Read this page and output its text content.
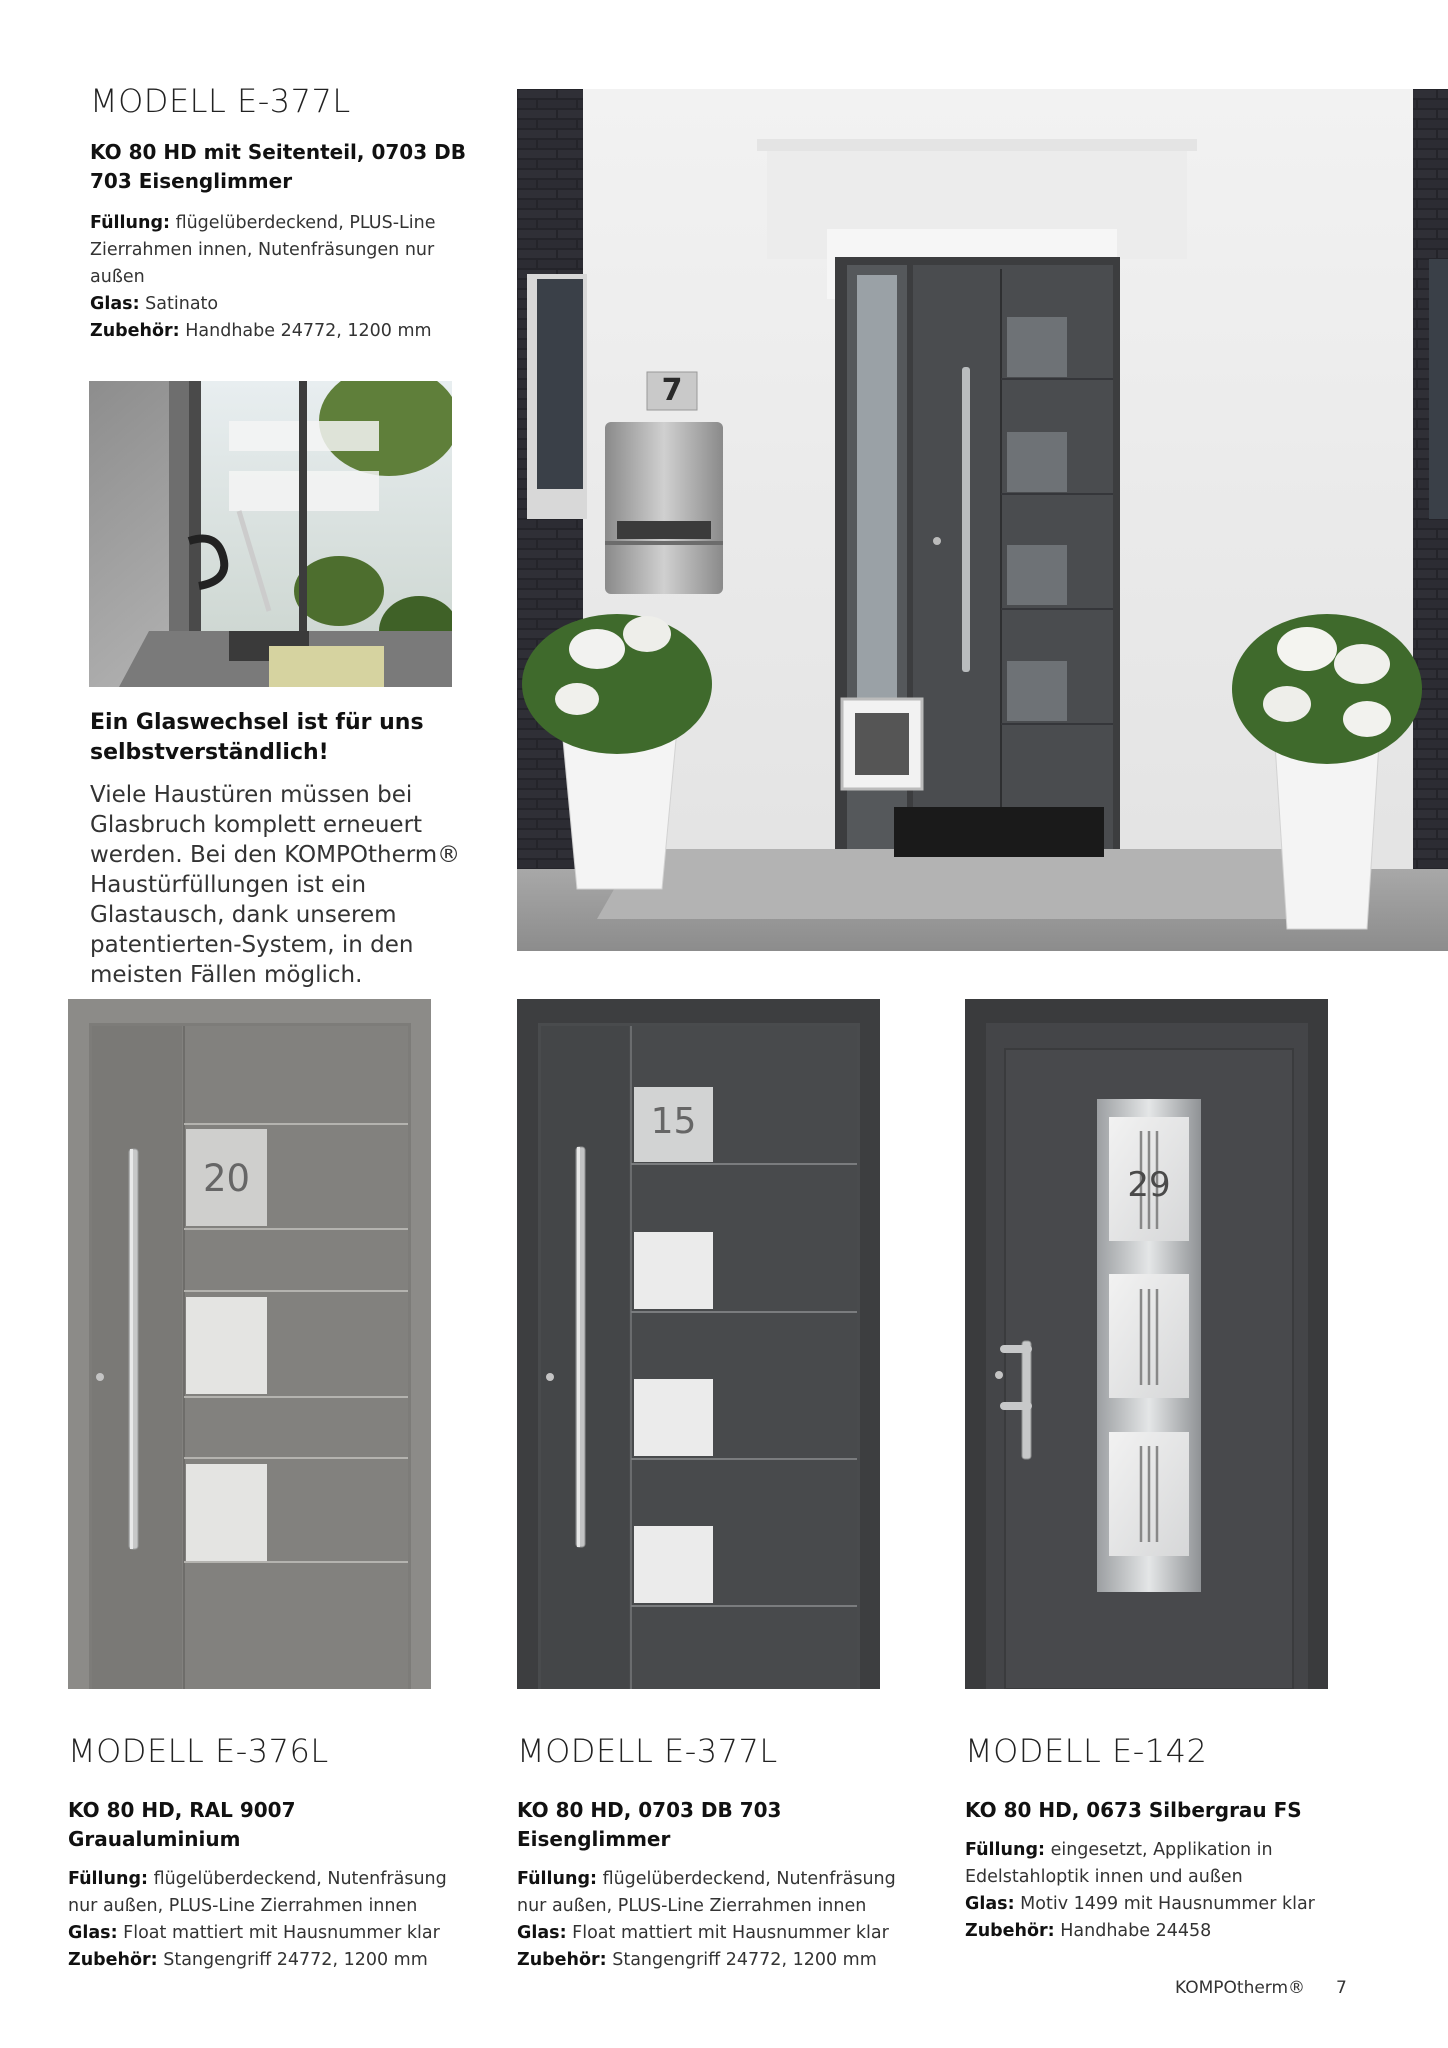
MODELL E-377L
KO 80 HD mit Seitenteil, 0703 DB 703 Eisenglimmer
Füllung: flügelüberdeckend, PLUS-Line Zierrahmen innen, Nutenfräsungen nur außen
Glas: Satinato
Zubehör: Handhabe 24772, 1200 mm
Ein Glaswechsel ist für uns selbstverständlich!
Viele Haustüren müssen bei Glasbruch komplett erneuert werden. Bei den KOMPOtherm® Haustürfüllungen ist ein Glastausch, dank unserem patentierten-System, in den meisten Fällen möglich.
7
20
15
29
MODELL E-376L
KO 80 HD, RAL 9007 Graualuminium
Füllung: flügelüberdeckend, Nutenfräsung nur außen, PLUS-Line Zierrahmen innen
Glas: Float mattiert mit Hausnummer klar
Zubehör: Stangengriff 24772, 1200 mm
MODELL E-377L
KO 80 HD, 0703 DB 703 Eisenglimmer
Füllung: flügelüberdeckend, Nutenfräsung nur außen, PLUS-Line Zierrahmen innen
Glas: Float mattiert mit Hausnummer klar
Zubehör: Stangengriff 24772, 1200 mm
MODELL E-142
KO 80 HD, 0673 Silbergrau FS
Füllung: eingesetzt, Applikation in Edelstahloptik innen und außen
Glas: Motiv 1499 mit Hausnummer klar
Zubehör: Handhabe 24458
KOMPOtherm® 7
